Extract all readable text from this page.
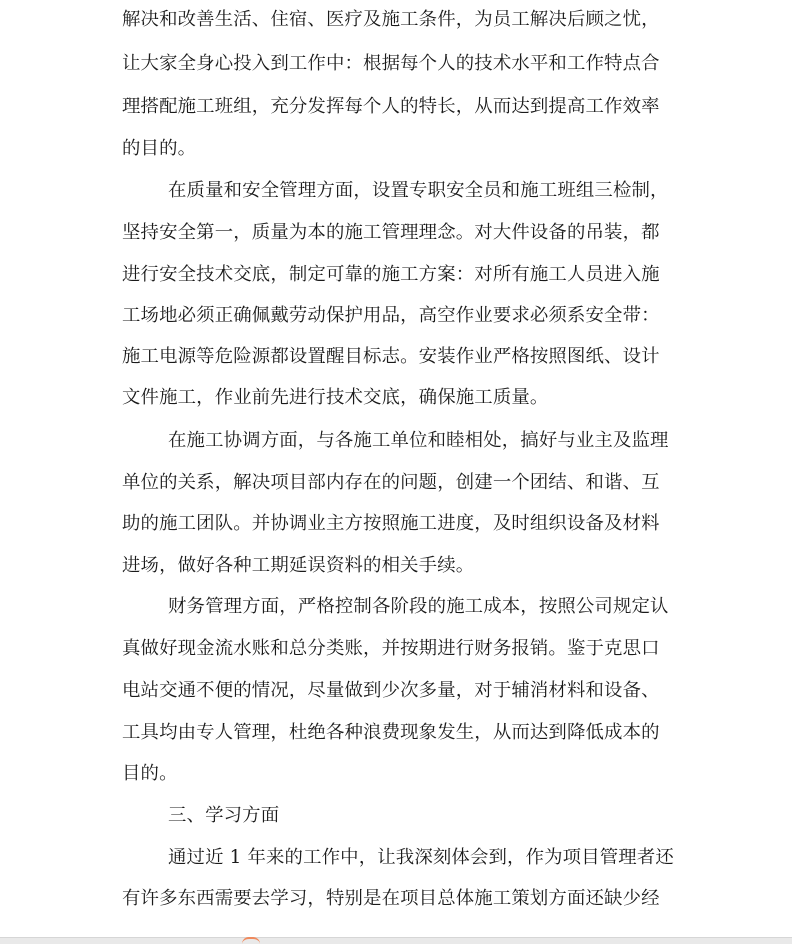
解决和改善生活、住宿、医疗及施工条件，为员工解决后顾之忧，
让大家全身心投入到工作中：根据每个人的技术水平和工作特点合
理搭配施工班组，充分发挥每个人的特长，从而达到提高工作效率
的目的。
在质量和安全管理方面，设置专职安全员和施工班组三检制，
坚持安全第一，质量为本的施工管理理念。对大件设备的吊装，都
进行安全技术交底，制定可靠的施工方案：对所有施工人员进入施
工场地必须正确佩戴劳动保护用品，高空作业要求必须系安全带：
施工电源等危险源都设置醒目标志。安装作业严格按照图纸、设计
文件施工，作业前先进行技术交底，确保施工质量。
在施工协调方面，与各施工单位和睦相处，搞好与业主及监理
单位的关系，解决项目部内存在的问题，创建一个团结、和谐、互
助的施工团队。并协调业主方按照施工进度，及时组织设备及材料
进场，做好各种工期延误资料的相关手续。
财务管理方面，严格控制各阶段的施工成本，按照公司规定认
真做好现金流水账和总分类账，并按期进行财务报销。鉴于克思口
电站交通不便的情况，尽量做到少次多量，对于辅消材料和设备、
工具均由专人管理，杜绝各种浪费现象发生，从而达到降低成本的
目的。
三、学习方面
通过近 1 年来的工作中，让我深刻体会到，作为项目管理者还
有许多东西需要去学习，特别是在项目总体施工策划方面还缺少经
